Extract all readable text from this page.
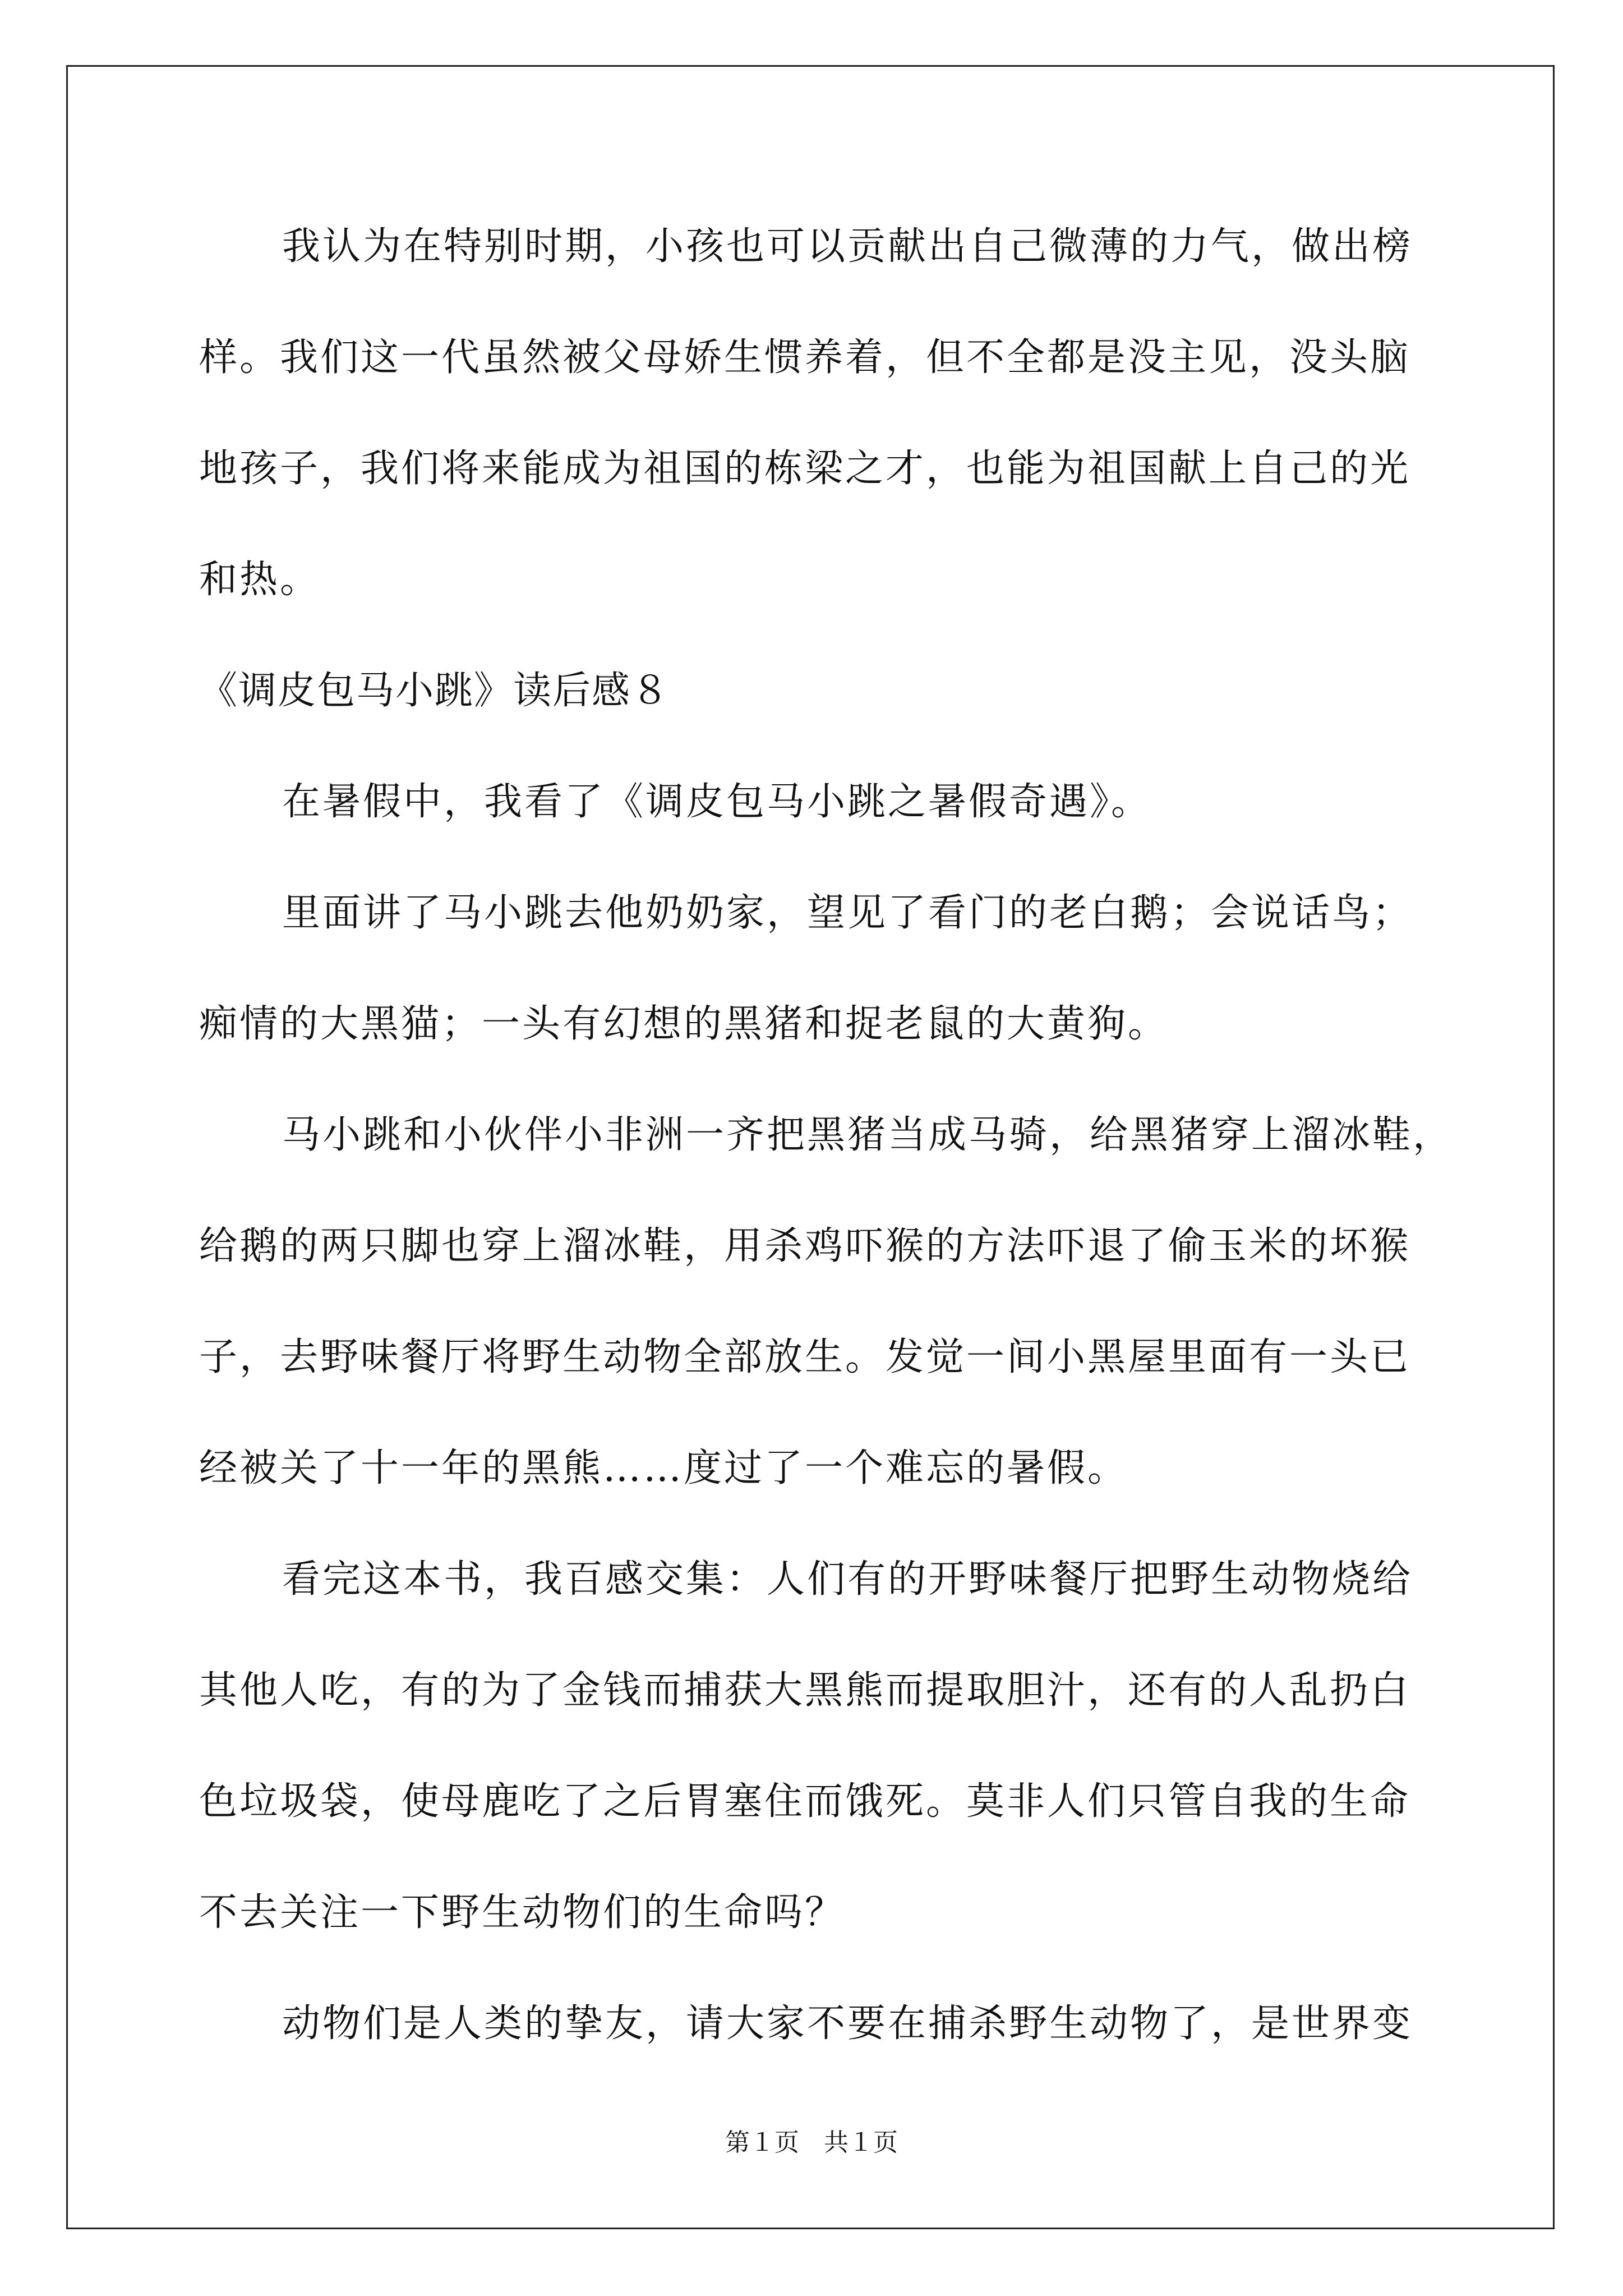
我认为在特别时期，小孩也可以贡献出自己微薄的力气，做出榜
样。我们这一代虽然被父母娇生惯养着，但不全都是没主见，没头脑
地孩子，我们将来能成为祖国的栋梁之才，也能为祖国献上自己的光
和热。
《调皮包马小跳》读后感８
在暑假中，我看了《调皮包马小跳之暑假奇遇》。
里面讲了马小跳去他奶奶家，望见了看门的老白鹅；会说话鸟；
痴情的大黑猫；一头有幻想的黑猪和捉老鼠的大黄狗。
马小跳和小伙伴小非洲一齐把黑猪当成马骑，给黑猪穿上溜冰鞋，
给鹅的两只脚也穿上溜冰鞋，用杀鸡吓猴的方法吓退了偷玉米的坏猴
子，去野味餐厅将野生动物全部放生。发觉一间小黑屋里面有一头已
经被关了十一年的黑熊……度过了一个难忘的暑假。
看完这本书，我百感交集：人们有的开野味餐厅把野生动物烧给
其他人吃，有的为了金钱而捕获大黑熊而提取胆汁，还有的人乱扔白
色垃圾袋，使母鹿吃了之后胃塞住而饿死。莫非人们只管自我的生命
不去关注一下野生动物们的生命吗？
动物们是人类的挚友，请大家不要在捕杀野生动物了，是世界变
第１页　共１页
